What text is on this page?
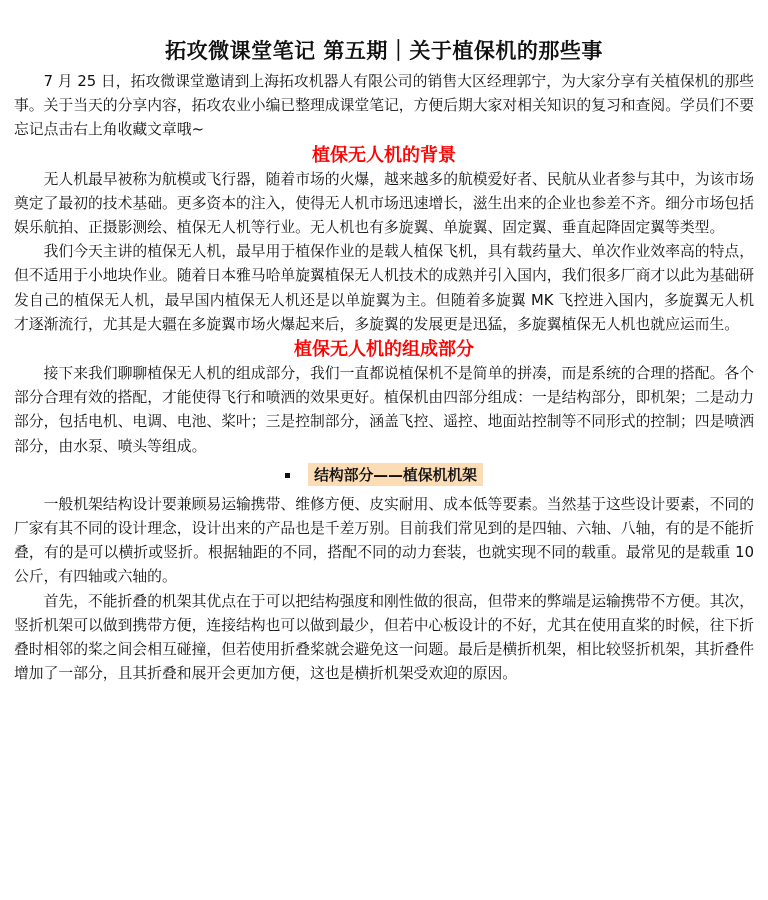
拓攻微课堂笔记 第五期｜关于植保机的那些事

7 月 25 日，拓攻微课堂邀请到上海拓攻机器人有限公司的销售大区经理郭宁，为大家分享有关植保机的那些事。关于当天的分享内容，拓攻农业小编已整理成课堂笔记，方便后期大家对相关知识的复习和查阅。学员们不要忘记点击右上角收藏文章哦~

植保无人机的背景

无人机最早被称为航模或飞行器，随着市场的火爆，越来越多的航模爱好者、民航从业者参与其中，为该市场奠定了最初的技术基础。更多资本的注入，使得无人机市场迅速增长，滋生出来的企业也参差不齐。细分市场包括娱乐航拍、正摄影测绘、植保无人机等行业。无人机也有多旋翼、单旋翼、固定翼、垂直起降固定翼等类型。

我们今天主讲的植保无人机，最早用于植保作业的是载人植保飞机，具有载药量大、单次作业效率高的特点，但不适用于小地块作业。随着日本雅马哈单旋翼植保无人机技术的成熟并引入国内，我们很多厂商才以此为基础研发自己的植保无人机，最早国内植保无人机还是以单旋翼为主。但随着多旋翼 MK 飞控进入国内，多旋翼无人机才逐渐流行，尤其是大疆在多旋翼市场火爆起来后，多旋翼的发展更是迅猛，多旋翼植保无人机也就应运而生。

植保无人机的组成部分

接下来我们聊聊植保无人机的组成部分，我们一直都说植保机不是简单的拼凑，而是系统的合理的搭配。各个部分合理有效的搭配，才能使得飞行和喷洒的效果更好。植保机由四部分组成：一是结构部分，即机架；二是动力部分，包括电机、电调、电池、桨叶；三是控制部分，涵盖飞控、遥控、地面站控制等不同形式的控制；四是喷洒部分，由水泵、喷头等组成。

结构部分——植保机机架

一般机架结构设计要兼顾易运输携带、维修方便、皮实耐用、成本低等要素。当然基于这些设计要素，不同的厂家有其不同的设计理念，设计出来的产品也是千差万别。目前我们常见到的是四轴、六轴、八轴，有的是不能折叠，有的是可以横折或竖折。根据轴距的不同，搭配不同的动力套装，也就实现不同的载重。最常见的是载重 10 公斤，有四轴或六轴的。

首先，不能折叠的机架其优点在于可以把结构强度和刚性做的很高，但带来的弊端是运输携带不方便。其次，竖折机架可以做到携带方便，连接结构也可以做到最少，但若中心板设计的不好，尤其在使用直桨的时候，往下折叠时相邻的桨之间会相互碰撞，但若使用折叠桨就会避免这一问题。最后是横折机架，相比较竖折机架，其折叠件增加了一部分，且其折叠和展开会更加方便，这也是横折机架受欢迎的原因。
